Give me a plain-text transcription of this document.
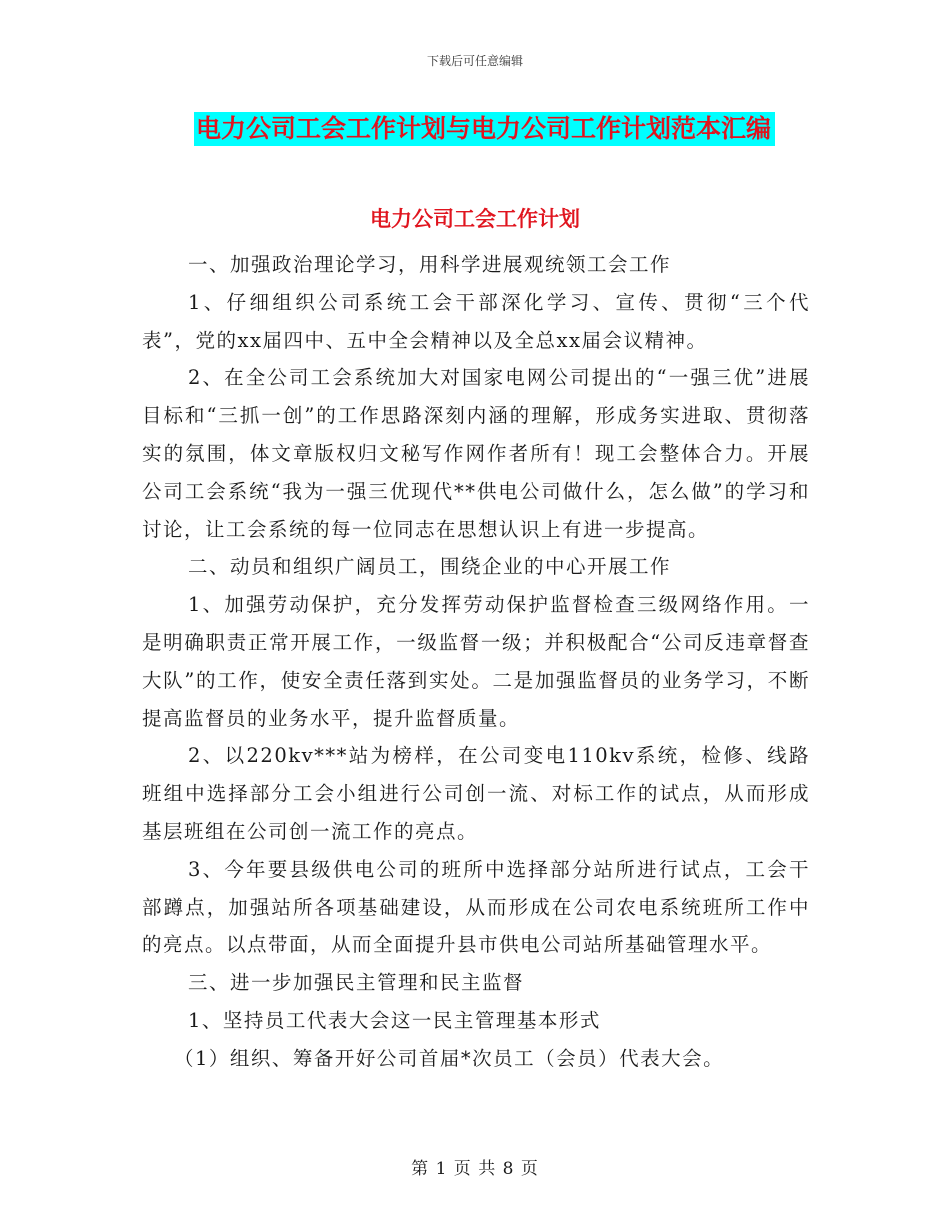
下载后可任意编辑
电力公司工会工作计划与电力公司工作计划范本汇编
电力公司工会工作计划

一、加强政治理论学习，用科学进展观统领工会工作

1、仔细组织公司系统工会干部深化学习、宣传、贯彻“三个代表”，党的xx届四中、五中全会精神以及全总xx届会议精神。

2、在全公司工会系统加大对国家电网公司提出的“一强三优”进展目标和“三抓一创”的工作思路深刻内涵的理解，形成务实进取、贯彻落实的氛围，体文章版权归文秘写作网作者所有！现工会整体合力。开展公司工会系统“我为一强三优现代**供电公司做什么，怎么做”的学习和讨论，让工会系统的每一位同志在思想认识上有进一步提高。

二、动员和组织广阔员工，围绕企业的中心开展工作

1、加强劳动保护，充分发挥劳动保护监督检查三级网络作用。一是明确职责正常开展工作，一级监督一级；并积极配合“公司反违章督查大队”的工作，使安全责任落到实处。二是加强监督员的业务学习，不断提高监督员的业务水平，提升监督质量。

2、以220kv***站为榜样，在公司变电110kv系统，检修、线路班组中选择部分工会小组进行公司创一流、对标工作的试点，从而形成基层班组在公司创一流工作的亮点。

3、今年要县级供电公司的班所中选择部分站所进行试点，工会干部蹲点，加强站所各项基础建设，从而形成在公司农电系统班所工作中的亮点。以点带面，从而全面提升县市供电公司站所基础管理水平。

三、进一步加强民主管理和民主监督

1、坚持员工代表大会这一民主管理基本形式

（1）组织、筹备开好公司首届*次员工（会员）代表大会。

第 1 页 共 8 页
